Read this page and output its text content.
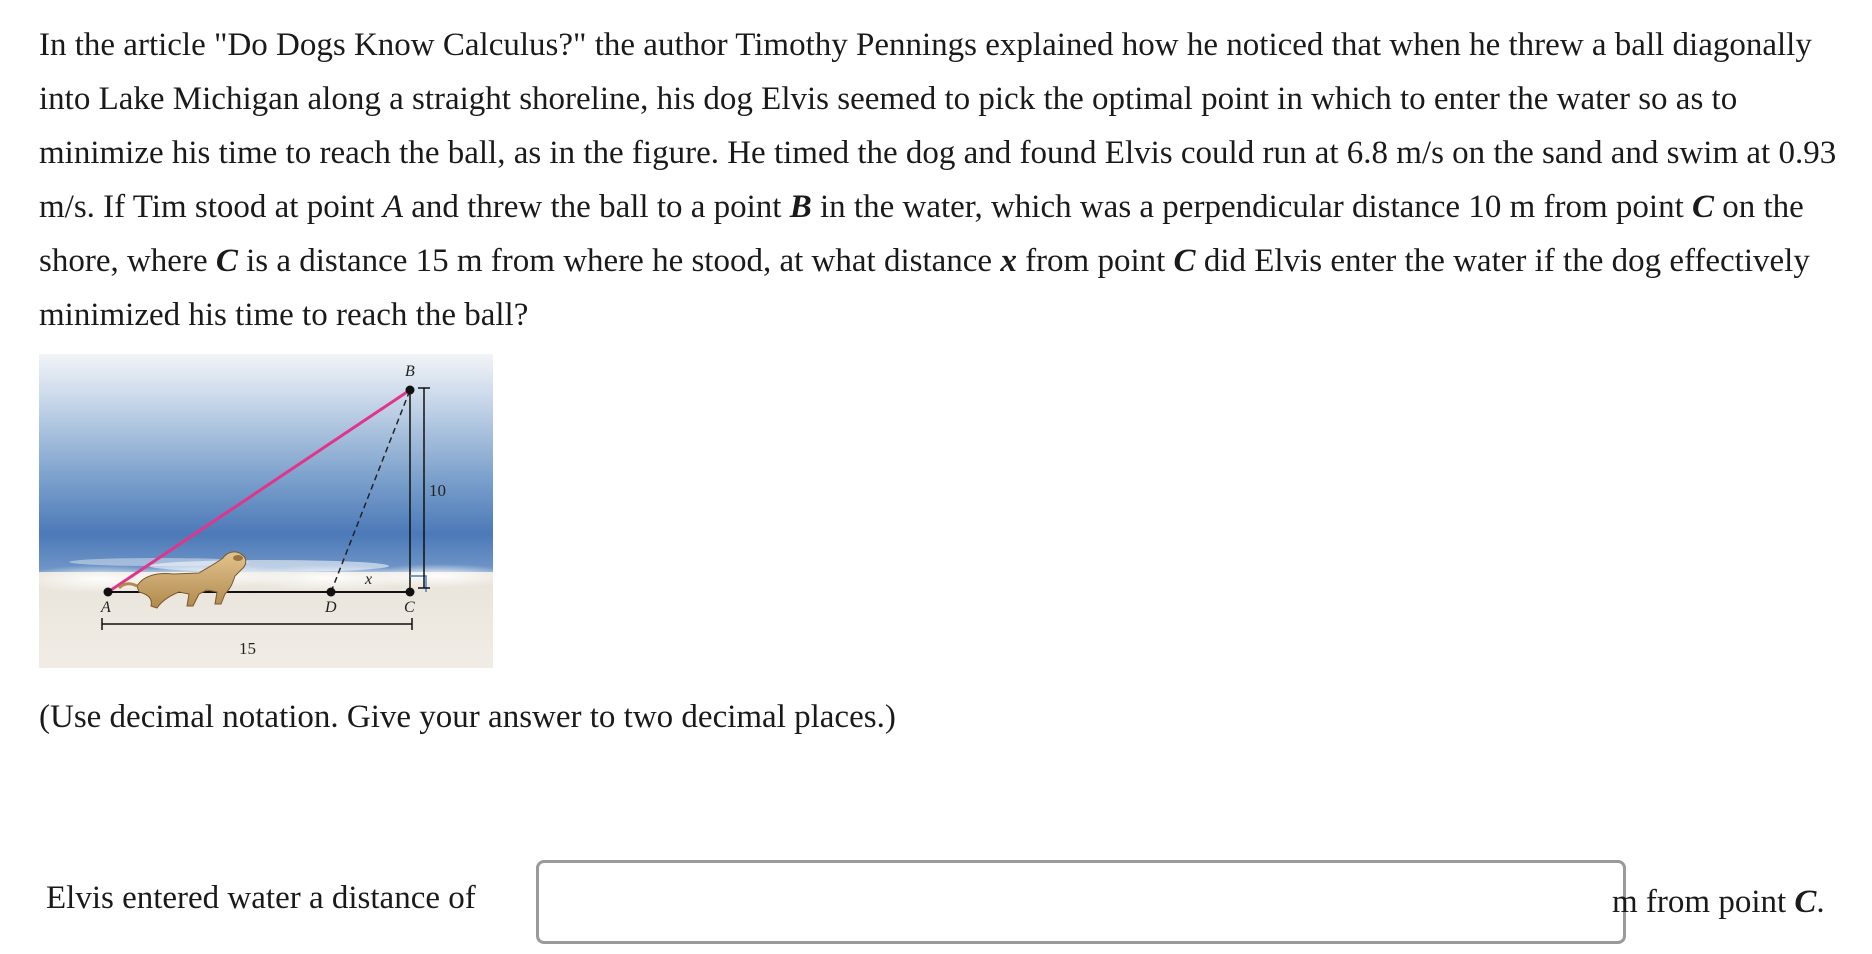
In the article "Do Dogs Know Calculus?" the author Timothy Pennings explained how he noticed that when he threw a ball diagonally into Lake Michigan along a straight shoreline, his dog Elvis seemed to pick the optimal point in which to enter the water so as to minimize his time to reach the ball, as in the figure. He timed the dog and found Elvis could run at 6.8 m/s on the sand and swim at 0.93 m/s. If Tim stood at point A and threw the ball to a point B in the water, which was a perpendicular distance 10 m from point C on the shore, where C is a distance 15 m from where he stood, at what distance x from point C did Elvis enter the water if the dog effectively minimized his time to reach the ball?
10
15
A
B
D	C
x
(Use decimal notation. Give your answer to two decimal places.)
Elvis entered water a distance of	m from point C.
